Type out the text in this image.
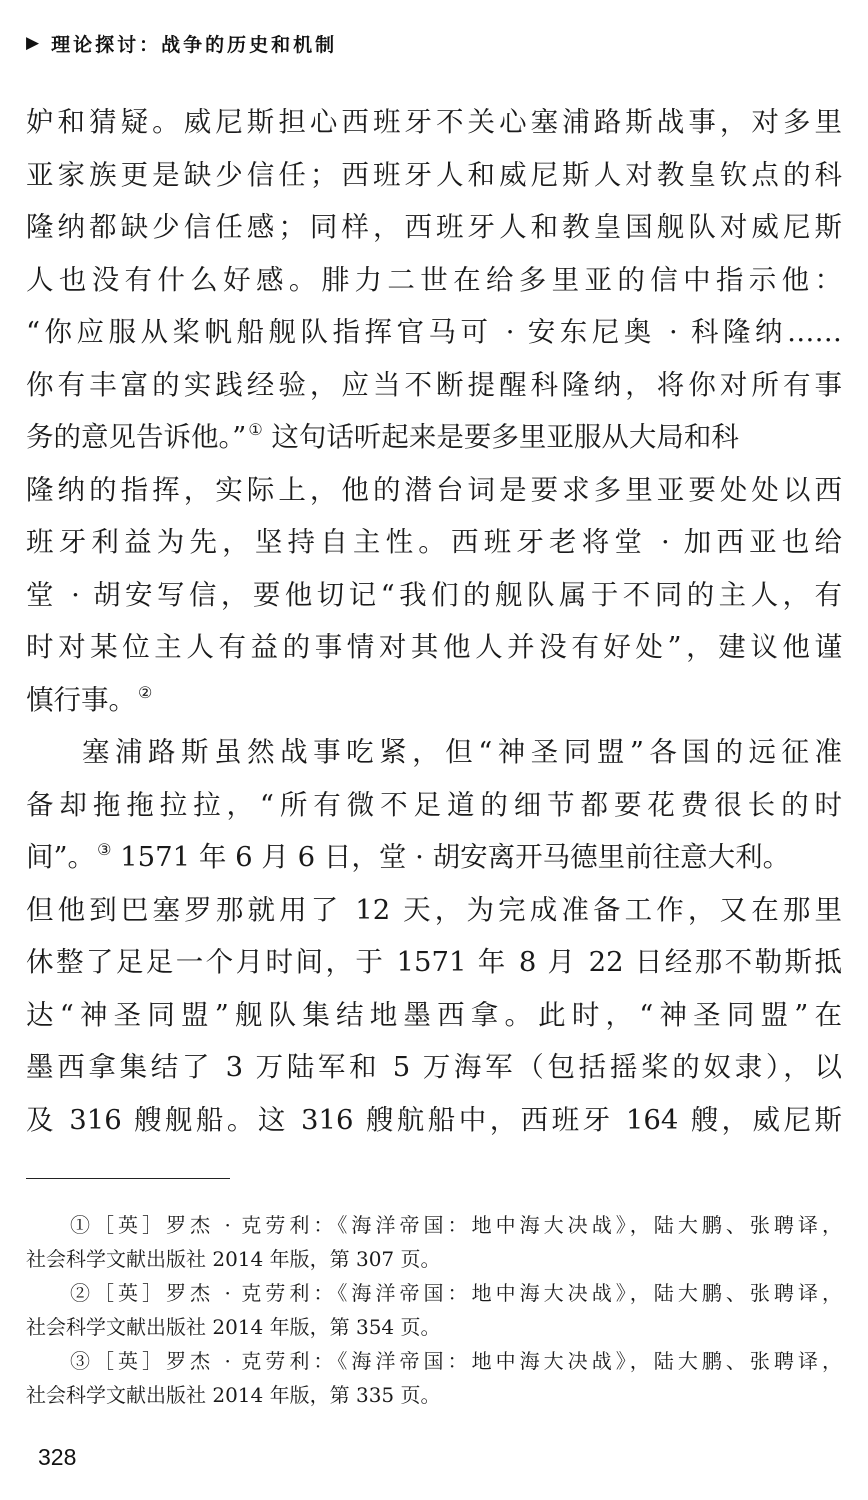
▶ 理论探讨：战争的历史和机制
妒和猜疑。威尼斯担心西班牙不关心塞浦路斯战事，对多里
亚家族更是缺少信任；西班牙人和威尼斯人对教皇钦点的科
隆纳都缺少信任感；同样，西班牙人和教皇国舰队对威尼斯
人也没有什么好感。腓力二世在给多里亚的信中指示他：
“你应服从桨帆船舰队指挥官马可 · 安东尼奥 · 科隆纳……
你有丰富的实践经验，应当不断提醒科隆纳，将你对所有事
务的意见告诉他。” ① 这句话听起来是要多里亚服从大局和科
隆纳的指挥，实际上，他的潜台词是要求多里亚要处处以西
班牙利益为先，坚持自主性。西班牙老将堂 · 加西亚也给
堂 · 胡安写信，要他切记“我们的舰队属于不同的主人，有
时对某位主人有益的事情对其他人并没有好处”，建议他谨
慎行事。 ②
塞浦路斯虽然战事吃紧，但“神圣同盟”各国的远征准
备却拖拖拉拉，“所有微不足道的细节都要花费很长的时
间”。 ③ 1571 年 6 月 6 日，堂 · 胡安离开马德里前往意大利。
但他到巴塞罗那就用了 12 天，为完成准备工作，又在那里
休整了足足一个月时间，于 1571 年 8 月 22 日经那不勒斯抵
达“神圣同盟”舰队集结地墨西拿。此时，“神圣同盟”在
墨西拿集结了 3 万陆军和 5 万海军（包括摇桨的奴隶），以
及 316 艘舰船。这 316 艘航船中，西班牙 164 艘，威尼斯
①［英］罗杰 · 克劳利：《海洋帝国：地中海大决战》，陆大鹏、张聘译，
社会科学文献出版社 2014 年版，第 307 页。
②［英］罗杰 · 克劳利：《海洋帝国：地中海大决战》，陆大鹏、张聘译，
社会科学文献出版社 2014 年版，第 354 页。
③［英］罗杰 · 克劳利：《海洋帝国：地中海大决战》，陆大鹏、张聘译，
社会科学文献出版社 2014 年版，第 335 页。
328
